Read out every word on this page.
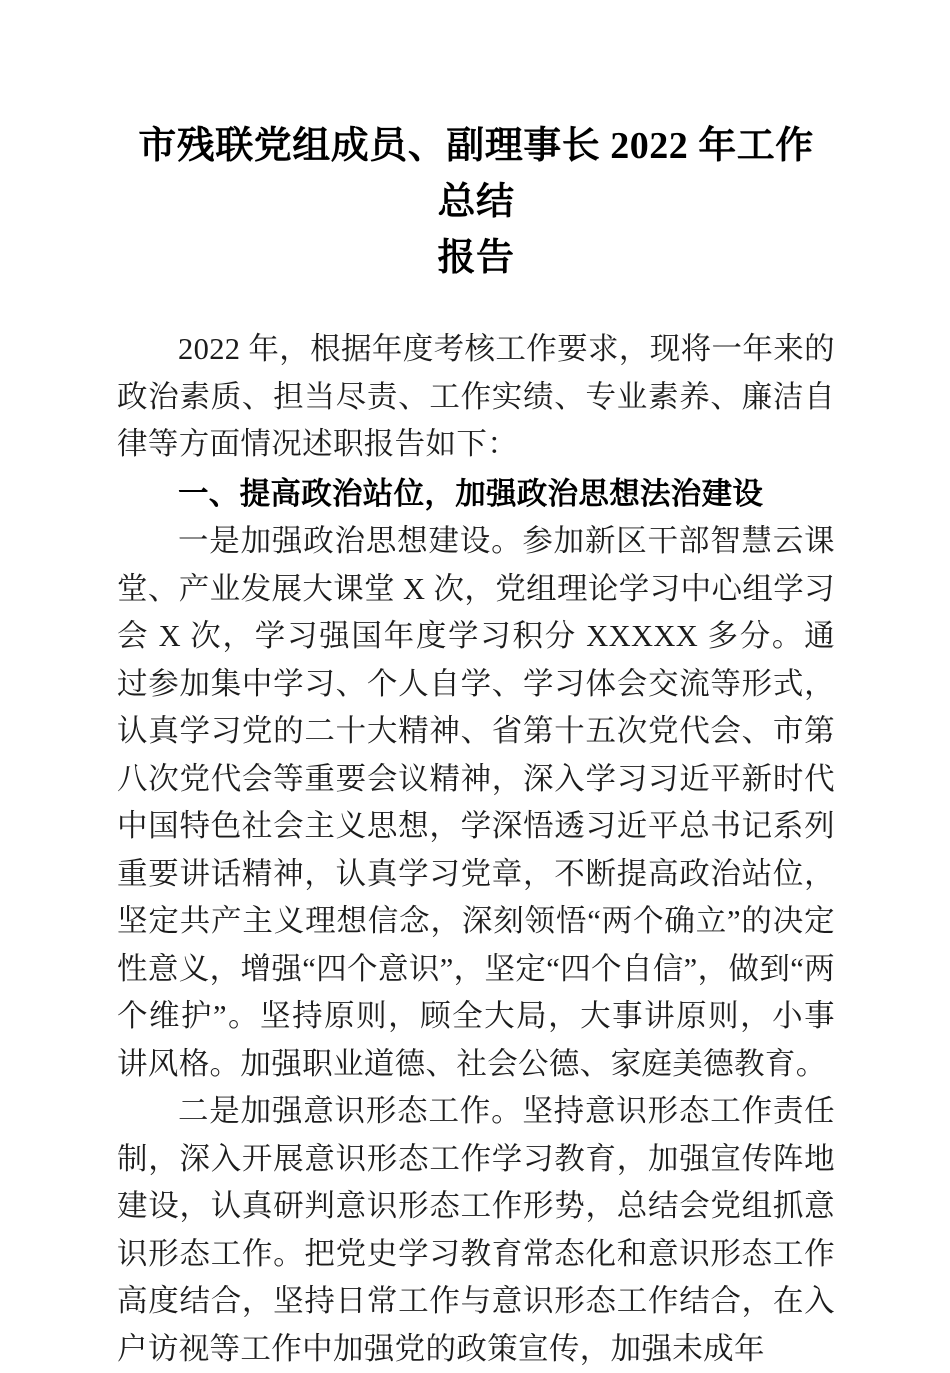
市残联党组成员、副理事长 2022 年工作总结
报告

2022 年，根据年度考核工作要求，现将一年来的政治素质、担当尽责、工作实绩、专业素养、廉洁自律等方面情况述职报告如下：

一、提高政治站位，加强政治思想法治建设

一是加强政治思想建设。参加新区干部智慧云课堂、产业发展大课堂 X 次，党组理论学习中心组学习会 X 次，学习强国年度学习积分 XXXXX 多分。通过参加集中学习、个人自学、学习体会交流等形式，认真学习党的二十大精神、省第十五次党代会、市第八次党代会等重要会议精神，深入学习习近平新时代中国特色社会主义思想，学深悟透习近平总书记系列重要讲话精神，认真学习党章，不断提高政治站位，坚定共产主义理想信念，深刻领悟“两个确立”的决定性意义，增强“四个意识”，坚定“四个自信”，做到“两个维护”。坚持原则，顾全大局，大事讲原则，小事讲风格。加强职业道德、社会公德、家庭美德教育。

二是加强意识形态工作。坚持意识形态工作责任制，深入开展意识形态工作学习教育，加强宣传阵地建设，认真研判意识形态工作形势，总结会党组抓意识形态工作。把党史学习教育常态化和意识形态工作高度结合，坚持日常工作与意识形态工作结合，在入户访视等工作中加强党的政策宣传，加强未成年
